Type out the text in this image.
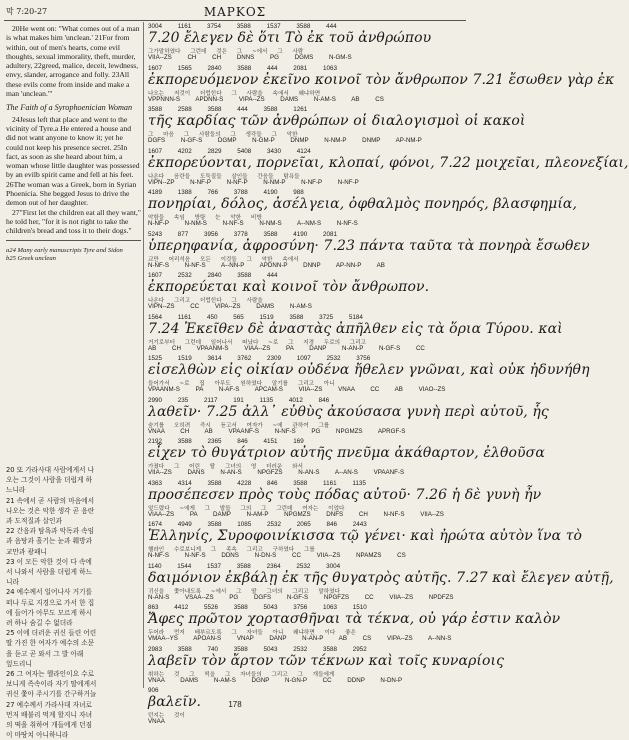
막 7:20-27	ΜΑΡΚΟΣ

20He went on: "What comes out of a man is what makes him 'unclean.' 21For from within, out of men's hearts, come evil thoughts, sexual immorality, theft, murder, adultery, 22greed, malice, deceit, lewdness, envy, slander, arrogance and folly. 23All these evils come from inside and make a man 'unclean.'"

The Faith of a Syrophoenician Woman

24Jesus left that place and went to the vicinity of Tyre.a He entered a house and did not want anyone to know it; yet he could not keep his presence secret. 25In fact, as soon as she heard about him, a woman whose little daughter was possessed by an evilb spirit came and fell at his feet. 26The woman was a Greek, born in Syrian Phoenicia. She begged Jesus to drive the demon out of her daughter.

27"First let the children eat all they want," he told her, "for it is not right to take the children's bread and toss it to their dogs."

a24 Many early manuscripts Tyre and Sidon
b25 Greek unclean
20 또 가라사대 사람에게서 나
오는 그것이 사람을 더럽게 하
느니라
21 속에서 곧 사람의 마음에서
나오는 것은 악한 생각 곧 음란
과 도적질과 살인과
22 간음과 탐욕과 악독과 속임
과 음탕과 흘기는 눈과 훼방과
교만과 광패니
23 이 모든 악한 것이 다 속에
서 나와서 사람을 더럽게 하느
니라
24 예수께서 일어나사 거기를
떠나 두로 지경으로 가서 한 집
에 들어가 아무도 모르게 하시
려 하나 숨길 수 없더라
25 이에 더러운 귀신 들린 어린
딸 가진 한 여자가 예수의 소문
을 듣고 곧 와서 그 발 아래
엎드리니
26 그 여자는 헬라인이요 수로
보니게 족속이라 자기 딸에게서
귀신 쫓아 주시기를 간구하거늘
27 예수께서 가라사대 자녀로
먼저 배불리 먹게 할지니 자녀
의 떡을 취하여 개들에게 던짐
이 마땅치 아니하니라
3004 1161 3754 3588 1537 3588 444
7.20 ἔλεγεν δὲ ὅτι Τὸ ἐκ τοῦ ἀνθρώπου
그가말하였다 그런데 것은 그 ~에서 그 사람
VIIA--ZS CH CH DNNS PG DGMS N-GM-S
1607 1565 2840 3588 444 2081 1063
ἐκπορευόμενον ἐκεῖνο κοινοῖ τὸν ἄνθρωπον 7.21 ἔσωθεν γὰρ ἐκ
나오는 저것이 더럽힌다 그 사람을 속에서 왜냐하면
VPPNNN-S APDNN-S VIPA--ZS DAMS N-AM-S AB CS
3588 2588 3588 444 3588 1261
τῆς καρδίας τῶν ἀνθρώπων οἱ διαλογισμοὶ οἱ κακοὶ
그 마음 그 사람들의 그 생각들 그 악한
DGFS N-GF-S DGMP N-GM-P DNMP N-NM-P DNMP AP-NM-P
1607 4202 2829 5408 3430 4124
ἐκπορεύονται, πορνεῖαι, κλοπαί, φόνοι, 7.22 μοιχεῖαι, πλεονεξίαι,
나온다 음란들 도둑질들 살인들 간음들 탐욕들
VIPN--ZP N-NF-P N-NF-P N-NM-P N-NF-P N-NF-P
4189 1388 766 3788 4190 988
πονηρίαι, δόλος, ἀσέλγεια, ὀφθαλμὸς πονηρός, βλασφημία,
악함들 속임 방탕 눈 악한 비방
N-NF-P N-NM-S N-NF-S N-NM-S A--NM-S N-NF-S
5243 877 3956 3778 3588 4190 2081
ὑπερηφανία, ἀφροσύνη· 7.23 πάντα ταῦτα τὰ πονηρὰ ἔσωθεν
교만 어리석음 모든 이것들 그 악한 속에서
N-NF-S N-NF-S A--NN-P APDNN-P DNNP AP-NN-P AB
1607 2532 2840 3588 444
ἐκπορεύεται καὶ κοινοῖ τὸν ἄνθρωπον.
나온다 그리고 더럽힌다 그 사람을
VIPN--ZS CC VIPA--ZS DAMS N-AM-S
1564 1161 450 565 1519 3588 3725 5184
7.24 Ἐκεῖθεν δὲ ἀναστὰς ἀπῆλθεν εἰς τὰ ὅρια Τύρου. καὶ
거기로부터 그런데 일어나서 떠났다 ~로 그 지경 두로의 그리고
AB CH VPAANM-S VIAA--ZS PA DANP N-AN-P N-GF-S CC
1525 1519 3614 3762 2309 1097 2532 3756
εἰσελθὼν εἰς οἰκίαν οὐδένα ἤθελεν γνῶναι, καὶ οὐκ ἠδυνήθη
들어가서 ~로 집 아무도 원하였다 알기를 그리고 아니
VPAANM-S PA N-AF-S APCAM-S VIIA--ZS VNAA CC AB VIAO--ZS
2990 235 2117 191 1135 4012 846
λαθεῖν· 7.25 ἀλλ᾽ εὐθὺς ἀκούσασα γυνὴ περὶ αὐτοῦ, ἧς
숨기를 오히려 즉시 듣고서 여자가 ~에 관하여 그를
VNAA CH AB VPAANF-S N-NF-S PG NPGMZS APRGF-S
2192 3588 2365 846 4151 169
εἶχεν τὸ θυγάτριον αὐτῆς πνεῦμα ἀκάθαρτον, ἐλθοῦσα
가졌다 그 어린 딸 그녀의 영 더러운 와서
VIIA--ZS DANS N-AN-S NPGFZS N-AN-S A--AN-S VPAANF-S
4363 4314 3588 4228 846 3588 1161 1135
προσέπεσεν πρὸς τοὺς πόδας αὐτοῦ· 7.26 ἡ δὲ γυνὴ ἦν
엎드렸다 ~에게 그 발들 그의 그 그런데 여자는 이었다
VIAA--ZS PA DAMP N-AM-P NPGMZS DNFS CH N-NF-S VIIA--ZS
1674 4949 3588 1085 2532 2065 846 2443
Ἑλληνίς, Συροφοινίκισσα τῷ γένει· καὶ ἠρώτα αὐτὸν ἵνα τὸ
헬라인 수로보니게 그 족속 그리고 구하였다 그를
N-NF-S N-NF-S DDNS N-DN-S CC VIIA--ZS NPAMZS CS
1140 1544 1537 3588 2364 2532 3004
δαιμόνιον ἐκβάλῃ ἐκ τῆς θυγατρὸς αὐτῆς. 7.27 καὶ ἔλεγεν αὐτῇ,
귀신을 쫓아내도록 ~에서 그 딸 그녀의 그리고 말하였다
N-AN-S VSAA--ZS PG DGFS N-GF-S NPGFZS CC VIIA--ZS NPDFZS
863 4412 5526 3588 5043 3756 1063 1510
Ἄφες πρῶτον χορτασθῆναι τὰ τέκνα, οὐ γάρ ἐστιν καλὸν
두어라 먼저 배부르도록 그 자녀들 아니 왜냐하면 이다 좋은
VMAA--YS APOAN-S VNAP DANP N-AN-P AB CS VIPA--ZS A--NN-S
2983 3588 740 3588 5043 2532 3588 2952
λαβεῖν τὸν ἄρτον τῶν τέκνων καὶ τοῖς κυναρίοις
취하는 것 그 떡을 그 자녀들의 그리고 그 개들에게
VNAA DAMS N-AM-S DGNP N-GN-P CC DDNP N-DN-P
906
βαλεῖν.
던지는 것이
VNAA
178
